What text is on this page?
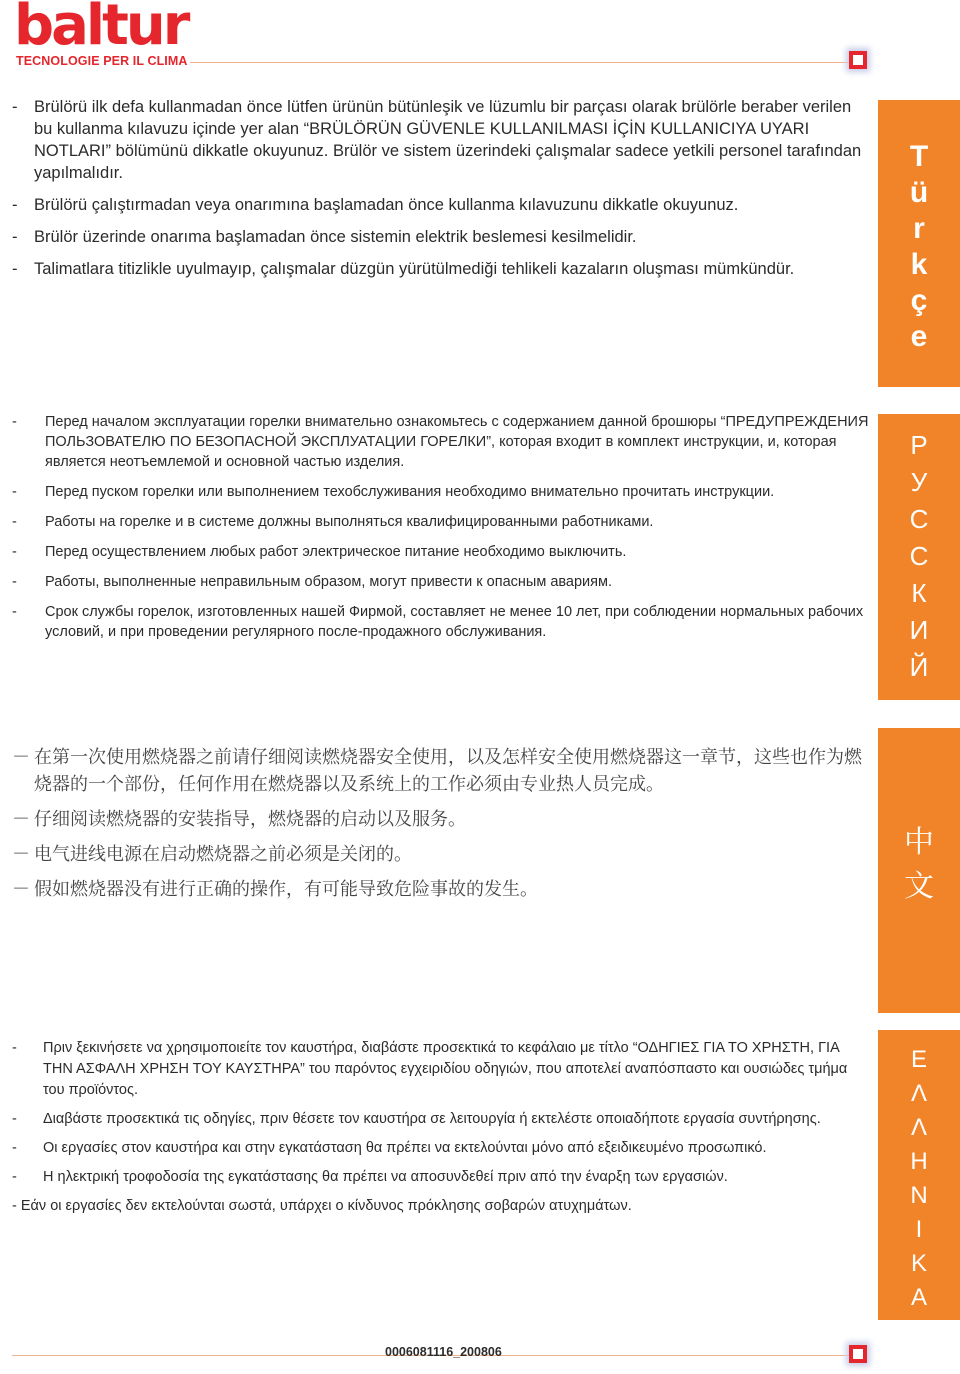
baltur
TECNOLOGIE PER IL CLIMA

- Brülörü ilk defa kullanmadan önce lütfen ürünün bütünleşik ve lüzumlu bir parçası olarak brülörle beraber verilen bu kullanma kılavuzu içinde yer alan “BRÜLÖRÜN GÜVENLE KULLANILMASI İÇİN KULLANICIYA UYARI NOTLARI” bölümünü dikkatle okuyunuz. Brülör ve sistem üzerindeki çalışmalar sadece yetkili personel tarafından yapılmalıdır.

- Brülörü çalıştırmadan veya onarımına başlamadan önce kullanma kılavuzunu dikkatle okuyunuz.

- Brülör üzerinde onarıma başlamadan önce sistemin elektrik beslemesi kesilmelidir.

- Talimatlara titizlikle uyulmayıp, çalışmalar düzgün yürütülmediği tehlikeli kazaların oluşması mümkündür.

T
ü
r
k
ç
e

- Перед началом эксплуатации горелки внимательно ознакомьтесь с содержанием данной брошюры “ПРЕДУПРЕЖДЕНИЯ ПОЛЬЗОВАТЕЛЮ ПО БЕЗОПАСНОЙ ЭКСПЛУАТАЦИИ ГОРЕЛКИ”, которая входит в комплект инструкции, и, которая является неотъемлемой и основной частью изделия.

- Перед пуском горелки или выполнением техобслуживания необходимо внимательно прочитать инструкции.

- Работы на горелке и в системе должны выполняться квалифицированными работниками.

- Перед осуществлением любых работ электрическое питание необходимо выключить.

- Работы, выполненные неправильным образом, могут привести к опасным авариям.

- Срок службы горелок, изготовленных нашей Фирмой, составляет не менее 10 лет, при соблюдении нормальных рабочих условий, и при проведении регулярного после-продажного обслуживания.

Р
У
С
С
К
И
Й

－ 在第一次使用燃烧器之前请仔细阅读燃烧器安全使用，以及怎样安全使用燃烧器这一章节，这些也作为燃烧器的一个部份，任何作用在燃烧器以及系统上的工作必须由专业热人员完成。

－ 仔细阅读燃烧器的安装指导，燃烧器的启动以及服务。

－ 电气进线电源在启动燃烧器之前必须是关闭的。

－ 假如燃烧器没有进行正确的操作，有可能导致危险事故的发生。

中
文

- Πριν ξεκινήσετε να χρησιμοποιείτε τον καυστήρα, διαβάστε προσεκτικά το κεφάλαιο με τίτλο “ΟΔΗΓΙΕΣ ΓΙΑ ΤΟ ΧΡΗΣΤΗ, ΓΙΑ ΤΗΝ ΑΣΦΑΛΗ ΧΡΗΣΗ ΤΟΥ ΚΑΥΣΤΗΡΑ” του παρόντος εγχειριδίου οδηγιών, που αποτελεί αναπόσπαστο και ουσιώδες τμήμα του προϊόντος.

- Διαβάστε προσεκτικά τις οδηγίες, πριν θέσετε τον καυστήρα σε λειτουργία ή εκτελέστε οποιαδήποτε εργασία συντήρησης.

- Οι εργασίες στον καυστήρα και στην εγκατάσταση θα πρέπει να εκτελούνται μόνο από εξειδικευμένο προσωπικό.

- Η ηλεκτρική τροφοδοσία της εγκατάστασης θα πρέπει να αποσυνδεθεί πριν από την έναρξη των εργασιών.

- Εάν οι εργασίες δεν εκτελούνται σωστά, υπάρχει ο κίνδυνος πρόκλησης σοβαρών ατυχημάτων.

Ε
Λ
Λ
Η
Ν
Ι
Κ
Α
0006081116_200806
